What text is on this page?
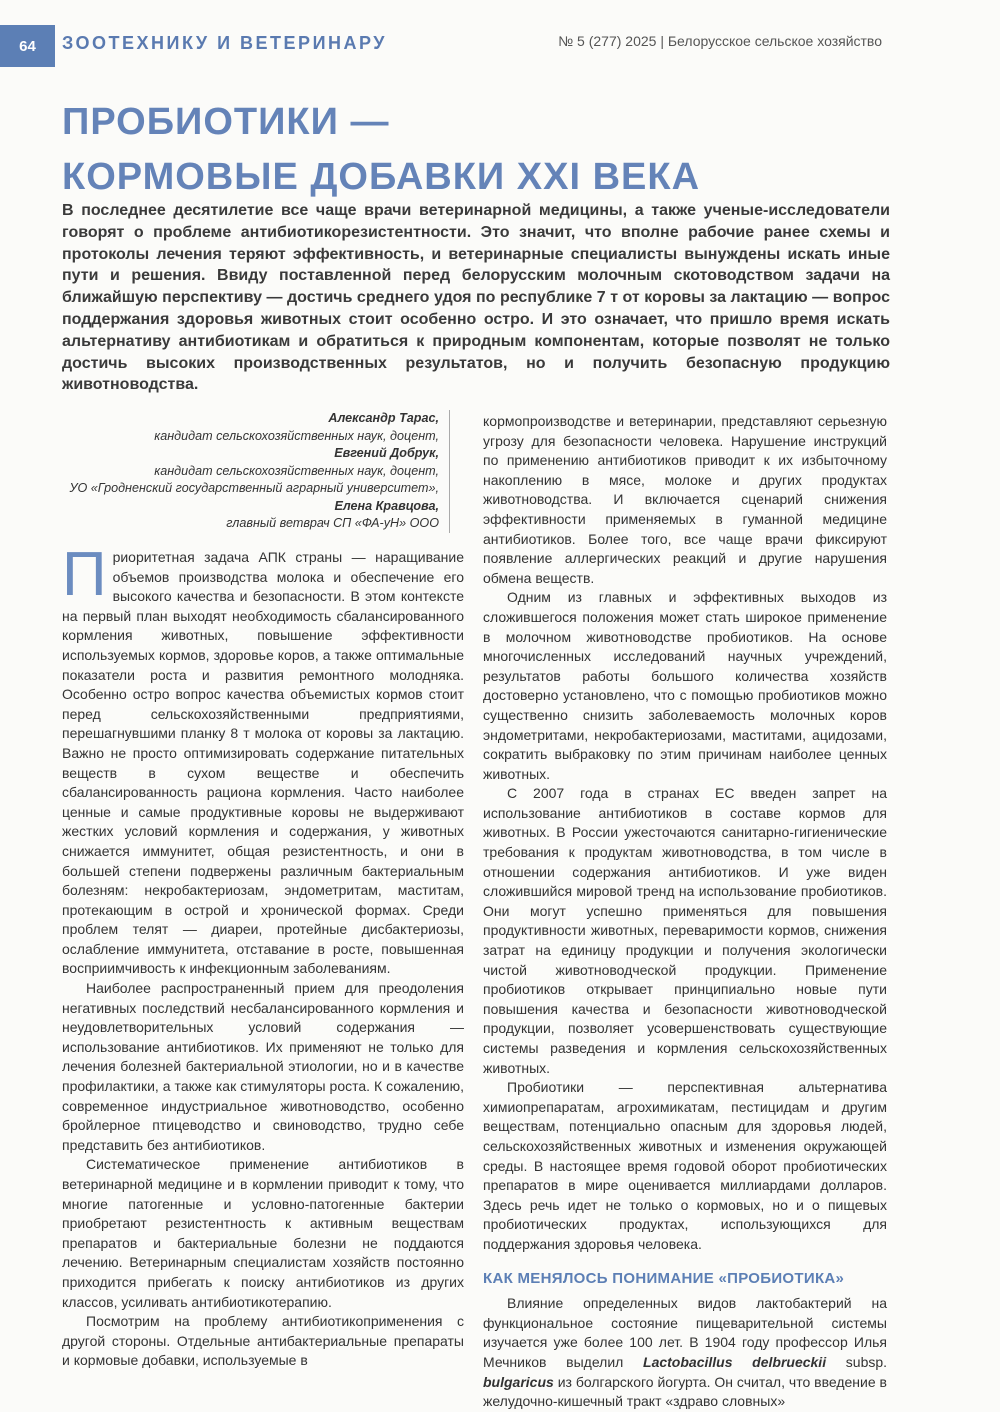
64	ЗООТЕХНИКУ И ВЕТЕРИНАРУ	№ 5 (277) 2025 | Белорусское сельское хозяйство
ПРОБИОТИКИ —
КОРМОВЫЕ ДОБАВКИ XXI ВЕКА
В последнее десятилетие все чаще врачи ветеринарной медицины, а также ученые-исследователи говорят о проблеме антибиотикорезистентности. Это значит, что вполне рабочие ранее схемы и протоколы лечения теряют эффективность, и ветеринарные специалисты вынуждены искать иные пути и решения. Ввиду поставленной перед белорусским молочным скотоводством задачи на ближайшую перспективу — достичь среднего удоя по республике 7 т от коровы за лактацию — вопрос поддержания здоровья животных стоит особенно остро. И это означает, что пришло время искать альтернативу антибиотикам и обратиться к природным компонентам, которые позволят не только достичь высоких производственных результатов, но и получить безопасную продукцию животноводства.
Александр Тарас,
кандидат сельскохозяйственных наук, доцент,
Евгений Добрук,
кандидат сельскохозяйственных наук, доцент,
УО «Гродненский государственный аграрный университет»,
Елена Кравцова,
главный ветврач СП «ФА-уН» ООО

Приоритетная задача АПК страны — наращивание объемов производства молока и обеспечение его высокого качества и безопасности. В этом контексте на первый план выходят необходимость сбалансированного кормления животных, повышение эффективности используемых кормов, здоровье коров, а также оптимальные показатели роста и развития ремонтного молодняка. Особенно остро вопрос качества объемистых кормов стоит перед сельскохозяйственными предприятиями, перешагнувшими планку 8 т молока от коровы за лактацию. Важно не просто оптимизировать содержание питательных веществ в сухом веществе и обеспечить сбалансированность рациона кормления. Часто наиболее ценные и самые продуктивные коровы не выдерживают жестких условий кормления и содержания, у животных снижается иммунитет, общая резистентность, и они в большей степени подвержены различным бактериальным болезням: некробактериозам, эндометритам, маститам, протекающим в острой и хронической формах. Среди проблем телят — диареи, протейные дисбактериозы, ослабление иммунитета, отставание в росте, повышенная восприимчивость к инфекционным заболеваниям.

Наиболее распространенный прием для преодоления негативных последствий несбалансированного кормления и неудовлетворительных условий содержания — использование антибиотиков. Их применяют не только для лечения болезней бактериальной этиологии, но и в качестве профилактики, а также как стимуляторы роста. К сожалению, современное индустриальное животноводство, особенно бройлерное птицеводство и свиноводство, трудно себе представить без антибиотиков.

Систематическое применение антибиотиков в ветеринарной медицине и в кормлении приводит к тому, что многие патогенные и условно-патогенные бактерии приобретают резистентность к активным веществам препаратов и бактериальные болезни не поддаются лечению. Ветеринарным специалистам хозяйств постоянно приходится прибегать к поиску антибиотиков из других классов, усиливать антибиотикотерапию.

Посмотрим на проблему антибиотикоприменения с другой стороны. Отдельные антибактериальные препараты и кормовые добавки, используемые в

кормопроизводстве и ветеринарии, представляют серьезную угрозу для безопасности человека. Нарушение инструкций по применению антибиотиков приводит к их избыточному накоплению в мясе, молоке и других продуктах животноводства. И включается сценарий снижения эффективности применяемых в гуманной медицине антибиотиков. Более того, все чаще врачи фиксируют появление аллергических реакций и другие нарушения обмена веществ.

Одним из главных и эффективных выходов из сложившегося положения может стать широкое применение в молочном животноводстве пробиотиков. На основе многочисленных исследований научных учреждений, результатов работы большого количества хозяйств достоверно установлено, что с помощью пробиотиков можно существенно снизить заболеваемость молочных коров эндометритами, некробактериозами, маститами, ацидозами, сократить выбраковку по этим причинам наиболее ценных животных.

С 2007 года в странах ЕС введен запрет на использование антибиотиков в составе кормов для животных. В России ужесточаются санитарно-гигиенические требования к продуктам животноводства, в том числе в отношении содержания антибиотиков. И уже виден сложившийся мировой тренд на использование пробиотиков. Они могут успешно применяться для повышения продуктивности животных, переваримости кормов, снижения затрат на единицу продукции и получения экологически чистой животноводческой продукции. Применение пробиотиков открывает принципиально новые пути повышения качества и безопасности животноводческой продукции, позволяет усовершенствовать существующие системы разведения и кормления сельскохозяйственных животных.

Пробиотики — перспективная альтернатива химиопрепаратам, агрохимикатам, пестицидам и другим веществам, потенциально опасным для здоровья людей, сельскохозяйственных животных и изменения окружающей среды. В настоящее время годовой оборот пробиотических препаратов в мире оценивается миллиардами долларов. Здесь речь идет не только о кормовых, но и о пищевых пробиотических продуктах, использующихся для поддержания здоровья человека.

КАК МЕНЯЛОСЬ ПОНИМАНИЕ «ПРОБИОТИКА»

Влияние определенных видов лактобактерий на функциональное состояние пищеварительной системы изучается уже более 100 лет. В 1904 году профессор Илья Мечников выделил Lactobacillus delbrueckii subsp. bulgaricus из болгарского йогурта. Он считал, что введение в желудочно-кишечный тракт «здраво словных»
